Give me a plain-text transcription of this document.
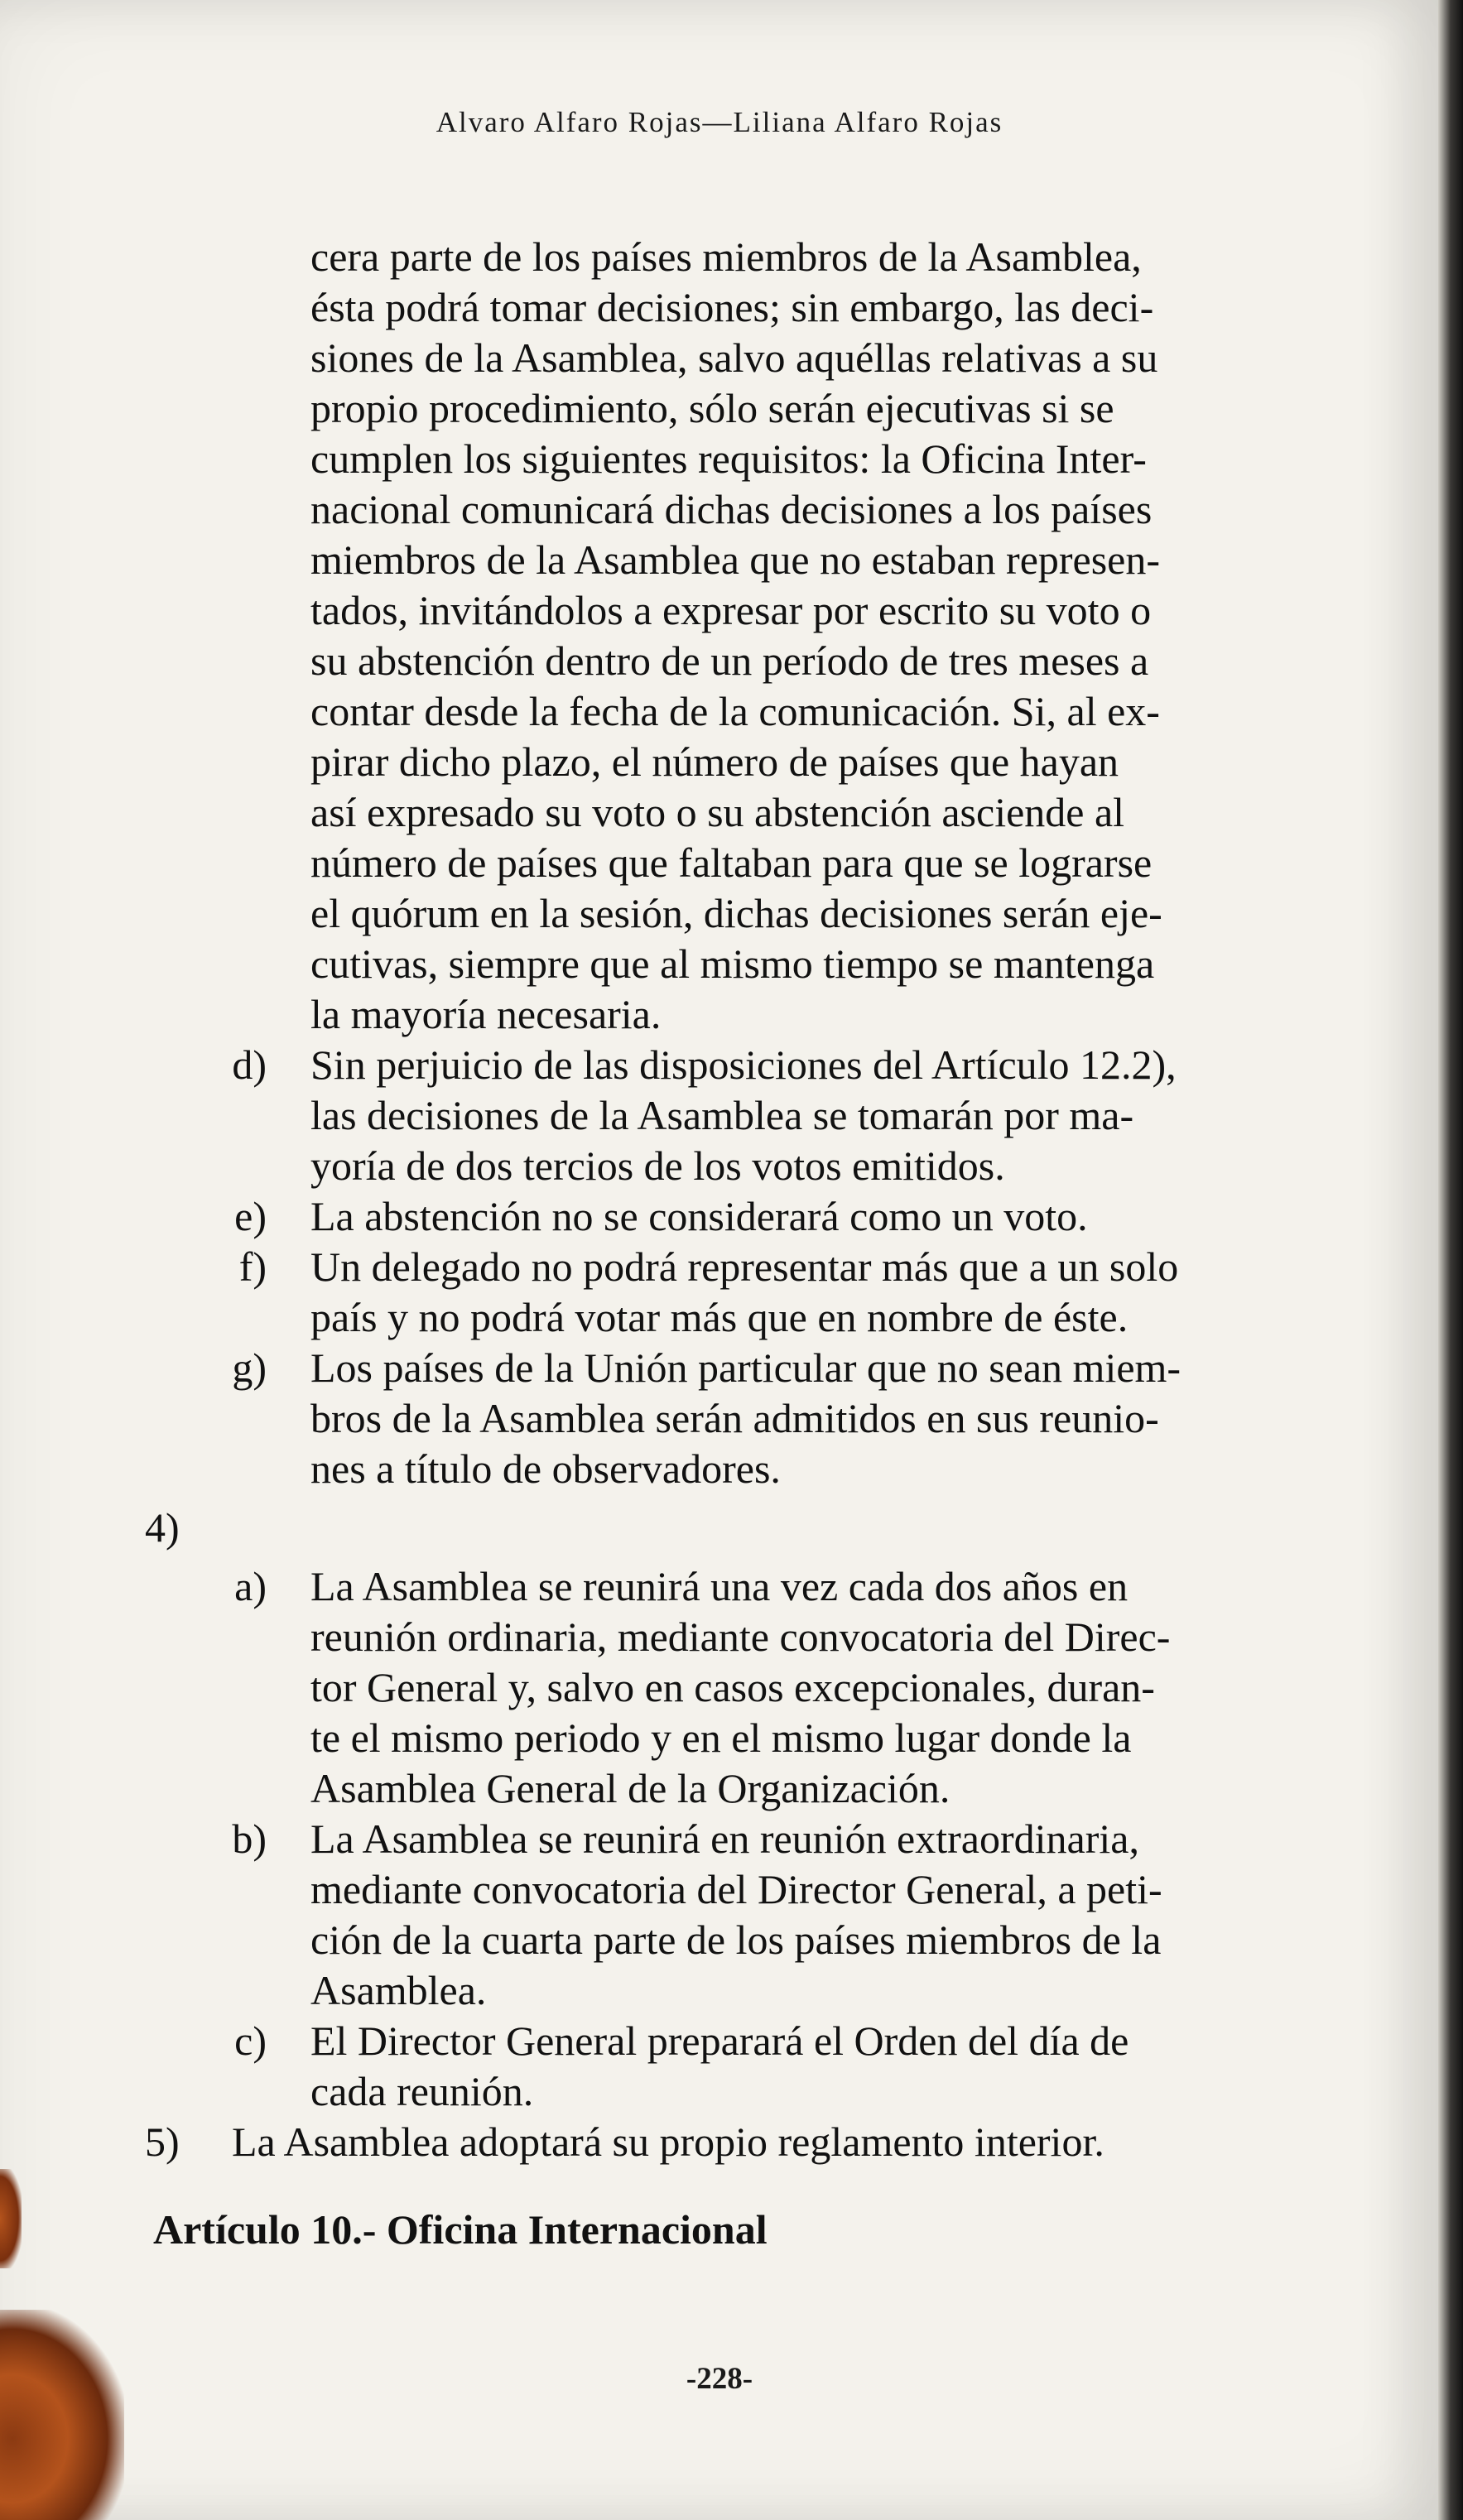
Alvaro Alfaro Rojas—Liliana Alfaro Rojas
cera parte de los países miembros de la Asamblea,
ésta podrá tomar decisiones; sin embargo, las deci-
siones de la Asamblea, salvo aquéllas relativas a su
propio procedimiento, sólo serán ejecutivas si se
cumplen los siguientes requisitos: la Oficina Inter-
nacional comunicará dichas decisiones a los países
miembros de la Asamblea que no estaban represen-
tados, invitándolos a expresar por escrito su voto o
su abstención dentro de un período de tres meses a
contar desde la fecha de la comunicación. Si, al ex-
pirar dicho plazo, el número de países que hayan
así expresado su voto o su abstención asciende al
número de países que faltaban para que se lograrse
el quórum en la sesión, dichas decisiones serán eje-
cutivas, siempre que al mismo tiempo se mantenga
la mayoría necesaria.
d) Sin perjuicio de las disposiciones del Artículo 12.2),
las decisiones de la Asamblea se tomarán por ma-
yoría de dos tercios de los votos emitidos.
e) La abstención no se considerará como un voto.
f) Un delegado no podrá representar más que a un solo
país y no podrá votar más que en nombre de éste.
g) Los países de la Unión particular que no sean miem-
bros de la Asamblea serán admitidos en sus reunio-
nes a título de observadores.
4)
a) La Asamblea se reunirá una vez cada dos años en
reunión ordinaria, mediante convocatoria del Direc-
tor General y, salvo en casos excepcionales, duran-
te el mismo periodo y en el mismo lugar donde la
Asamblea General de la Organización.
b) La Asamblea se reunirá en reunión extraordinaria,
mediante convocatoria del Director General, a peti-
ción de la cuarta parte de los países miembros de la
Asamblea.
c) El Director General preparará el Orden del día de
cada reunión.
5) La Asamblea adoptará su propio reglamento interior.
Artículo 10.- Oficina Internacional
-228-
